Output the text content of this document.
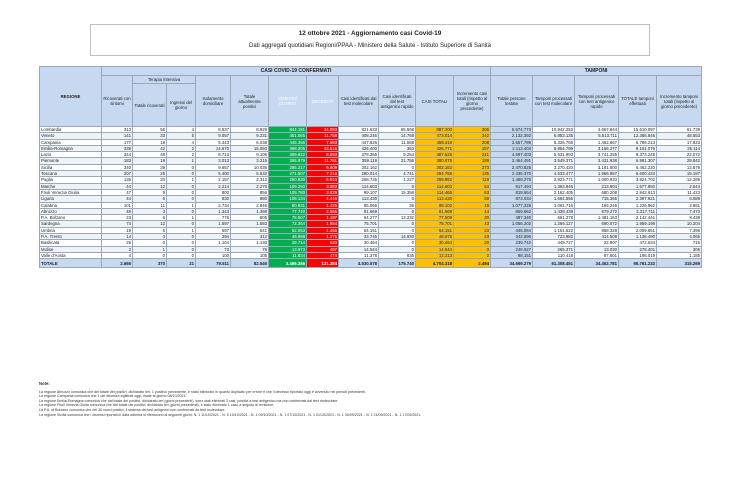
12 ottobre 2021 - Aggiornamento casi Covid-19
Dati aggregati quotidiani Regioni/PPAA - Ministero della Salute - Istituto Superiore di Sanità
REGIONE	CASI COVID-19 CONFERMATI											TAMPONI				
	Ricoverati con sintomi	Terapia intensiva		Isolamento domiciliare	Totale attualmente positivi	DIMESSI/ GUARITI	DECEDUTI	Casi identificati dal test molecolare	Casi identificati dal test antigenico rapido	CASI TOTALI	Incremento casi totali (rispetto al giorno precedente)	Totale persone testate	Tamponi processati con test molecolare	Tamponi processati con test antigenico rapido	TOTALE tamponi effettuati	Incremento tamponi totali (rispetto al giorno precedente)
		Totale ricoverati	Ingressi del giorno													
Lombardia	313	56	4	8.537	8.926	844.181	34.093	821.633	65.568	887.200	306	5.574.773	10.942.253	4.667.844	15.610.097	61.739
Veneto	141	33	5	9.057	9.231	451.065	11.758	408.246	14.768	473.014	342	2.132.392	6.853.135	5.513.711	12.366.846	48.553
Campania	177	18	4	5.443	6.038	445.366	7.993	447.826	11.568	459.419	208	3.557.799	5.326.765	1.462.667	6.789.213	17.823
Emilia-Romagna	338	42	2	14.670	15.050	398.205	13.516	426.400	363	426.771	157	2.113.404	5.954.799	3.156.277	9.151.076	25.114
Lazio	344	48	2	8.713	9.105	369.822	8.893	378.366	9.254	387.625	221	4.697.403	5.631.993	3.741.255	9.373.248	22.072
Piemonte	183	19	1	3.013	3.215	365.879	11.781	359.119	21.756	380.875	189	2.464.491	3.549.371	3.431.938	6.981.307	29.842
Sicilia	340	39	0	9.657	10.036	285.217	6.909	302.162	0	302.162	273	2.470.825	3.270.420	3.191.800	6.462.220	13.879
Toscana	207	25	0	5.400	5.632	271.907	7.216	280.014	4.741	284.755	135	2.335.370	4.633.477	1.966.957	6.600.434	19.197
Puglia	135	20	1	2.157	2.312	260.830	6.810	268.725	1.227	269.952	118	1.469.270	2.823.771	1.000.933	3.824.702	12.289
Marche	44	12	0	2.214	2.270	109.250	3.083	114.603	0	114.603	54	917.494	1.363.946	213.904	1.577.850	2.644
Friuli Venezia Giulia	47	9	0	800	856	109.780	3.829	99.107	15.358	114.465	63	819.654	2.162.405	680.208	2.842.613	11.423
Liguria	44	6	0	830	880	108.134	4.416	113.430	0	113.430	59	873.034	1.664.556	715.365	2.397.921	6.089
Calabria	101	11	1	2.734	2.846	80.831	1.425	85.066	36	85.102	19	1.077.229	1.061.716	165.246	1.226.962	2.981
Abruzzo	49	3	0	1.343	1.399	77.740	2.565	81.669	0	81.669	44	859.662	1.438.439	879.272	2.317.711	7.473
P.A. Bolzano	23	6	1	776	805	75.507	1.197	64.277	13.232	77.509	30	487.340	661.278	1.481.163	2.142.441	8.438
Sardegna	74	12	0	1.597	1.683	72.364	1.654	75.701	0	75.701	43	1.056.202	1.269.127	690.072	1.959.199	10.204
Umbria	19	5	1	597	641	62.053	1.455	64.151	0	64.151	23	446.084	1.151.522	858.328	2.009.851	7.396
P.A. Trento	14	3	0	294	312	46.988	1.375	33.745	14.930	48.675	23	342.896	723.982	414.508	1.138.490	4.065
Basilicata	26	0	0	1.104	1.130	28.714	620	30.464	0	30.464	20	239.742	449.727	22.907	472.634	715
Molise	2	1	0	73	76	13.973	497	14.544	0	14.544	0	248.627	265.371	13.030	278.401	306
Valle d'Aosta	4	0	0	100	105	11.834	474	11.378	835	12.213	2	88.151	110.418	87.601	198.019	1.185
TOTALE	2.665	370	21	79.511	82.546	4.496.366	131.384	4.530.578	175.740	4.704.318	2.494	34.669.279	61.308.451	34.452.781	95.761.232	315.269
Note:
La regione Abruzzo comunica che dei totale dei positivi, dichiarato ieri, 1 positivo precedente, è stato eliminato in quanto duplicato per errore e che il decesso riportato oggi è avvenuto nei periodi precedenti.
La regione Campania comunica che 1 dei decessi registrati oggi, risale al giorno 08/10/2021.
La regione Emilia-Romagna comunica che dal totale dei positivi, dichiarato ieri (giorni precedenti), sono stati eliminati 3 casi, positivi a test antigenico ma non confermati dal test molecolare.
La regione Friuli Venezia Giulia comunica che dal totale dei positivi, dichiarato ieri (giorni precedenti), è stato eliminato 1 caso a seguito di revisione.
La P.A. di Bolzano comunica che nei 30 nuovi positivi, il sistema dei test antigenici non confermati da test molecolare.
La regione Sicilia comunica che i decessi riportati in data odierna si riferiscono ai seguenti giorni: N. 1 11/10/2021 - N. 5 10/10/2021 - N. 1 09/10/2021 - N. 1 07/10/2021 - N. 1 01/10/2021 - N. 1 30/09/2021 - N. 1 21/09/2021 - N. 1 17/09/2021.
